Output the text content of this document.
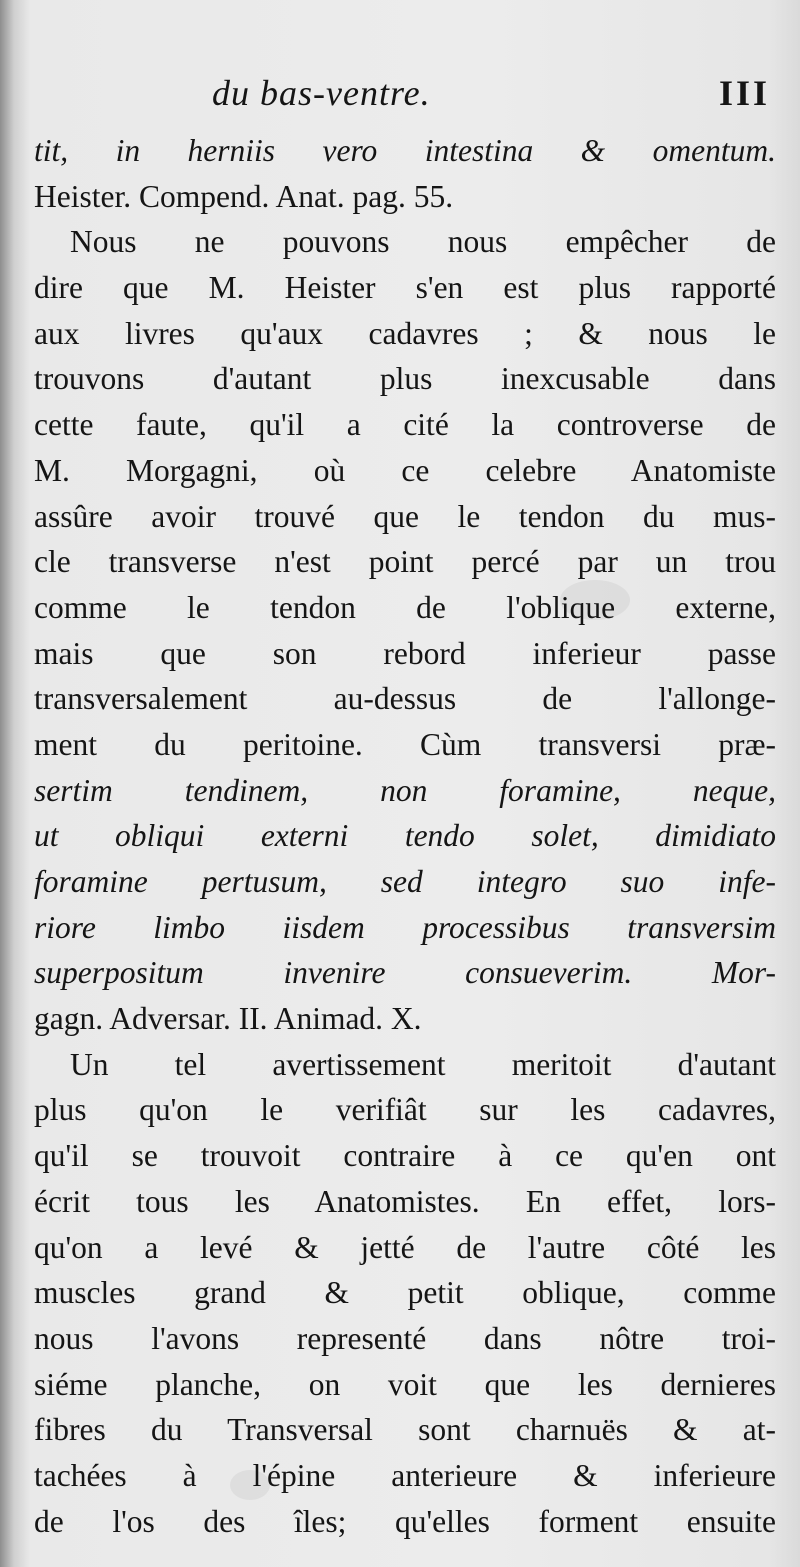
du bas-ventre.	III
tit, in herniis vero intestina & omentum.
Heister. Compend. Anat. pag. 55.
Nous ne pouvons nous empêcher de
dire que M. Heister s'en est plus rapporté
aux livres qu'aux cadavres ; & nous le
trouvons d'autant plus inexcusable dans
cette faute, qu'il a cité la controverse de
M. Morgagni, où ce celebre Anatomiste
assûre avoir trouvé que le tendon du mus-
cle transverse n'est point percé par un trou
comme le tendon de l'oblique externe,
mais que son rebord inferieur passe
transversalement au-dessus de l'allonge-
ment du peritoine. Cùm transversi præ-
sertim tendinem, non foramine, neque,
ut obliqui externi tendo solet, dimidiato
foramine pertusum, sed integro suo infe-
riore limbo iisdem processibus transversim
superpositum invenire consueverim. Mor-
gagn. Adversar. II. Animad. X.
Un tel avertissement meritoit d'autant
plus qu'on le verifiât sur les cadavres,
qu'il se trouvoit contraire à ce qu'en ont
écrit tous les Anatomistes. En effet, lors-
qu'on a levé & jetté de l'autre côté les
muscles grand & petit oblique, comme
nous l'avons representé dans nôtre troi-
siéme planche, on voit que les dernieres
fibres du Transversal sont charnuës & at-
tachées à l'épine anterieure & inferieure
de l'os des îles; qu'elles forment ensuite
